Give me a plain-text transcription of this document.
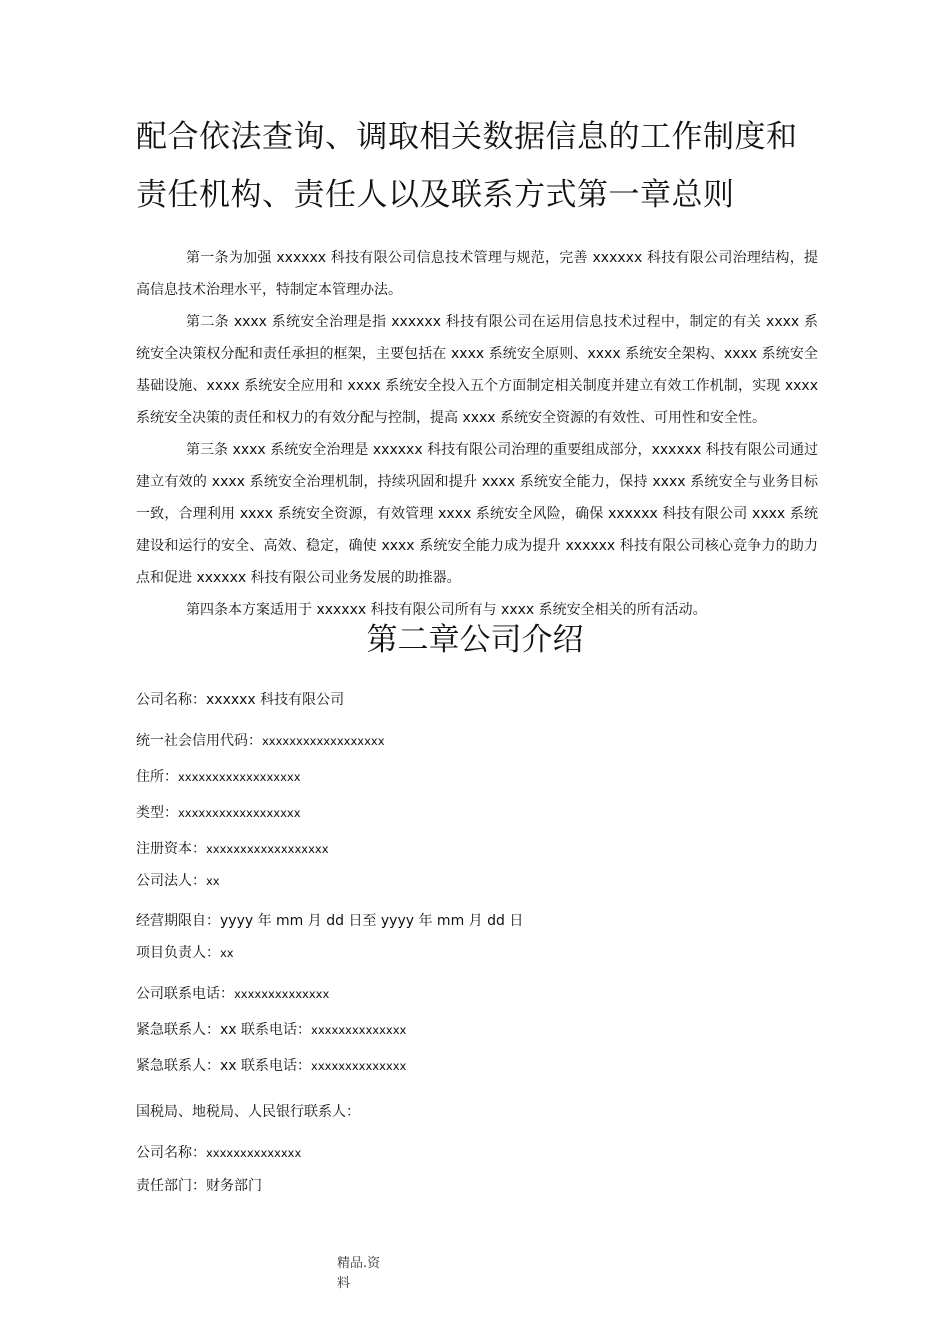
配合依法查询、调取相关数据信息的工作制度和责任机构、责任人以及联系方式第一章总则

第一条为加强 xxxxxx 科技有限公司信息技术管理与规范，完善 xxxxxx 科技有限公司治理结构，提高信息技术治理水平，特制定本管理办法。

第二条 xxxx 系统安全治理是指 xxxxxx 科技有限公司在运用信息技术过程中，制定的有关 xxxx 系统安全决策权分配和责任承担的框架，主要包括在 xxxx 系统安全原则、xxxx 系统安全架构、xxxx 系统安全基础设施、xxxx 系统安全应用和 xxxx 系统安全投入五个方面制定相关制度并建立有效工作机制，实现 xxxx 系统安全决策的责任和权力的有效分配与控制，提高 xxxx 系统安全资源的有效性、可用性和安全性。

第三条 xxxx 系统安全治理是 xxxxxx 科技有限公司治理的重要组成部分，xxxxxx 科技有限公司通过建立有效的 xxxx 系统安全治理机制，持续巩固和提升 xxxx 系统安全能力，保持 xxxx 系统安全与业务目标一致，合理利用 xxxx 系统安全资源，有效管理 xxxx 系统安全风险，确保 xxxxxx 科技有限公司 xxxx 系统建设和运行的安全、高效、稳定，确使 xxxx 系统安全能力成为提升 xxxxxx 科技有限公司核心竞争力的助力点和促进 xxxxxx 科技有限公司业务发展的助推器。

第四条本方案适用于 xxxxxx 科技有限公司所有与 xxxx 系统安全相关的所有活动。

第二章公司介绍

公司名称：xxxxxx 科技有限公司

统一社会信用代码：xxxxxxxxxxxxxxxxxx

住所：xxxxxxxxxxxxxxxxxx

类型：xxxxxxxxxxxxxxxxxx

注册资本：xxxxxxxxxxxxxxxxxx

公司法人：xx

经营期限自：yyyy 年 mm 月 dd 日至 yyyy 年 mm 月 dd 日

项目负责人：xx

公司联系电话：xxxxxxxxxxxxxx

紧急联系人：xx 联系电话：xxxxxxxxxxxxxx

紧急联系人：xx 联系电话：xxxxxxxxxxxxxx

国税局、地税局、人民银行联系人：

公司名称：xxxxxxxxxxxxxx

责任部门：财务部门

精品.资料
